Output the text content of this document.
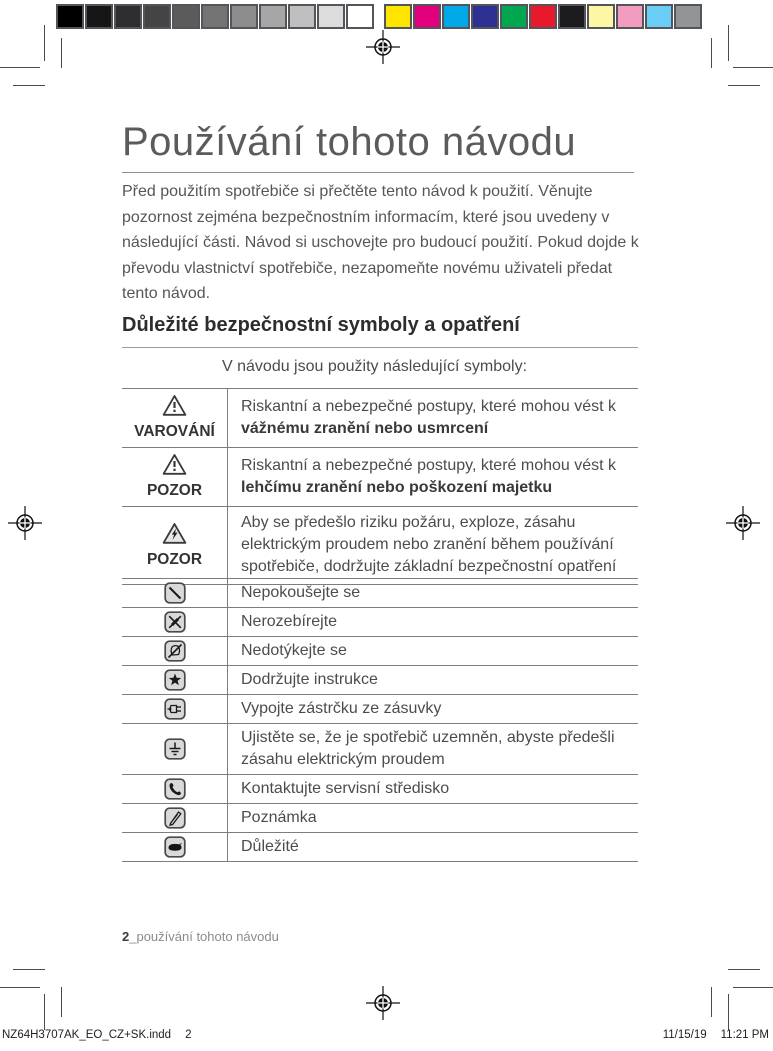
Používání tohoto návodu

Před použitím spotřebiče si přečtěte tento návod k použití. Věnujte pozornost zejména bezpečnostním informacím, které jsou uvedeny v následující části. Návod si uschovejte pro budoucí použití. Pokud dojde k převodu vlastnictví spotřebiče, nezapomeňte novému uživateli předat tento návod.

Důležité bezpečnostní symboly a opatření

V návodu jsou použity následující symboly:

VAROVÁNÍ	Riskantní a nebezpečné postupy, které mohou vést k vážnému zranění nebo usmrcení

POZOR	Riskantní a nebezpečné postupy, které mohou vést k lehčímu zranění nebo poškození majetku

POZOR	Aby se předešlo riziku požáru, exploze, zásahu elektrickým proudem nebo zranění během používání spotřebiče, dodržujte základní bezpečnostní opatření
	Nepokoušejte se
	Nerozebírejte
	Nedotýkejte se
	Dodržujte instrukce
	Vypojte zástrčku ze zásuvky
	Ujistěte se, že je spotřebič uzemněn, abyste předešli zásahu elektrickým proudem
	Kontaktujte servisní středisko
	Poznámka
	Důležité
2_používání tohoto návodu
NZ64H3707AK_EO_CZ+SK.indd 2	11/15/19 11:21 PM
